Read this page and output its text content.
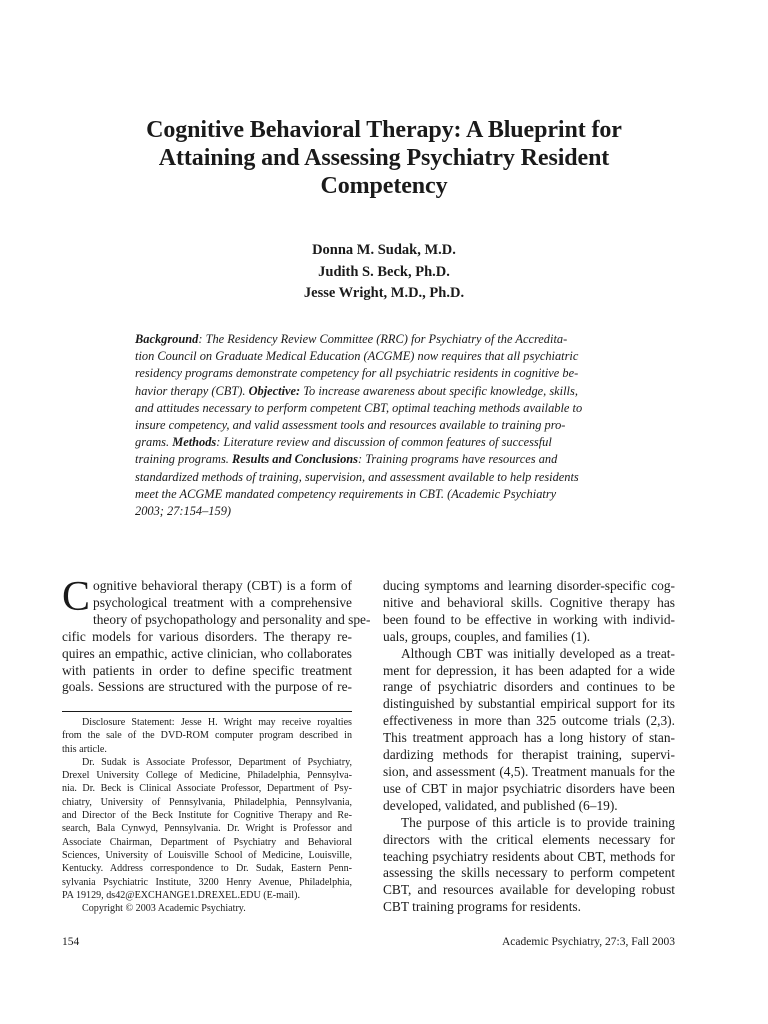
Cognitive Behavioral Therapy: A Blueprint for
Attaining and Assessing Psychiatry Resident
Competency
Donna M. Sudak, M.D.
Judith S. Beck, Ph.D.
Jesse Wright, M.D., Ph.D.
Background: The Residency Review Committee (RRC) for Psychiatry of the Accredita-
tion Council on Graduate Medical Education (ACGME) now requires that all psychiatric
residency programs demonstrate competency for all psychiatric residents in cognitive be-
havior therapy (CBT). Objective: To increase awareness about specific knowledge, skills,
and attitudes necessary to perform competent CBT, optimal teaching methods available to
insure competency, and valid assessment tools and resources available to training pro-
grams. Methods: Literature review and discussion of common features of successful
training programs. Results and Conclusions: Training programs have resources and
standardized methods of training, supervision, and assessment available to help residents
meet the ACGME mandated competency requirements in CBT. (Academic Psychiatry
2003; 27:154–159)
C ognitive behavioral therapy (CBT) is a form of
psychological treatment with a comprehensive
theory of psychopathology and personality and spe-
cific models for various disorders. The therapy re-
quires an empathic, active clinician, who collaborates
with patients in order to define specific treatment
goals. Sessions are structured with the purpose of re-
Disclosure Statement: Jesse H. Wright may receive royalties
from the sale of the DVD-ROM computer program described in
this article.
Dr. Sudak is Associate Professor, Department of Psychiatry,
Drexel University College of Medicine, Philadelphia, Pennsylva-
nia. Dr. Beck is Clinical Associate Professor, Department of Psy-
chiatry, University of Pennsylvania, Philadelphia, Pennsylvania,
and Director of the Beck Institute for Cognitive Therapy and Re-
search, Bala Cynwyd, Pennsylvania. Dr. Wright is Professor and
Associate Chairman, Department of Psychiatry and Behavioral
Sciences, University of Louisville School of Medicine, Louisville,
Kentucky. Address correspondence to Dr. Sudak, Eastern Penn-
sylvania Psychiatric Institute, 3200 Henry Avenue, Philadelphia,
PA 19129, ds42@EXCHANGE1.DREXEL.EDU (E-mail).
Copyright © 2003 Academic Psychiatry.
ducing symptoms and learning disorder-specific cog-
nitive and behavioral skills. Cognitive therapy has
been found to be effective in working with individ-
uals, groups, couples, and families (1).
Although CBT was initially developed as a treat-
ment for depression, it has been adapted for a wide
range of psychiatric disorders and continues to be
distinguished by substantial empirical support for its
effectiveness in more than 325 outcome trials (2,3).
This treatment approach has a long history of stan-
dardizing methods for therapist training, supervi-
sion, and assessment (4,5). Treatment manuals for the
use of CBT in major psychiatric disorders have been
developed, validated, and published (6–19).
The purpose of this article is to provide training
directors with the critical elements necessary for
teaching psychiatry residents about CBT, methods for
assessing the skills necessary to perform competent
CBT, and resources available for developing robust
CBT training programs for residents.
154	Academic Psychiatry, 27:3, Fall 2003
